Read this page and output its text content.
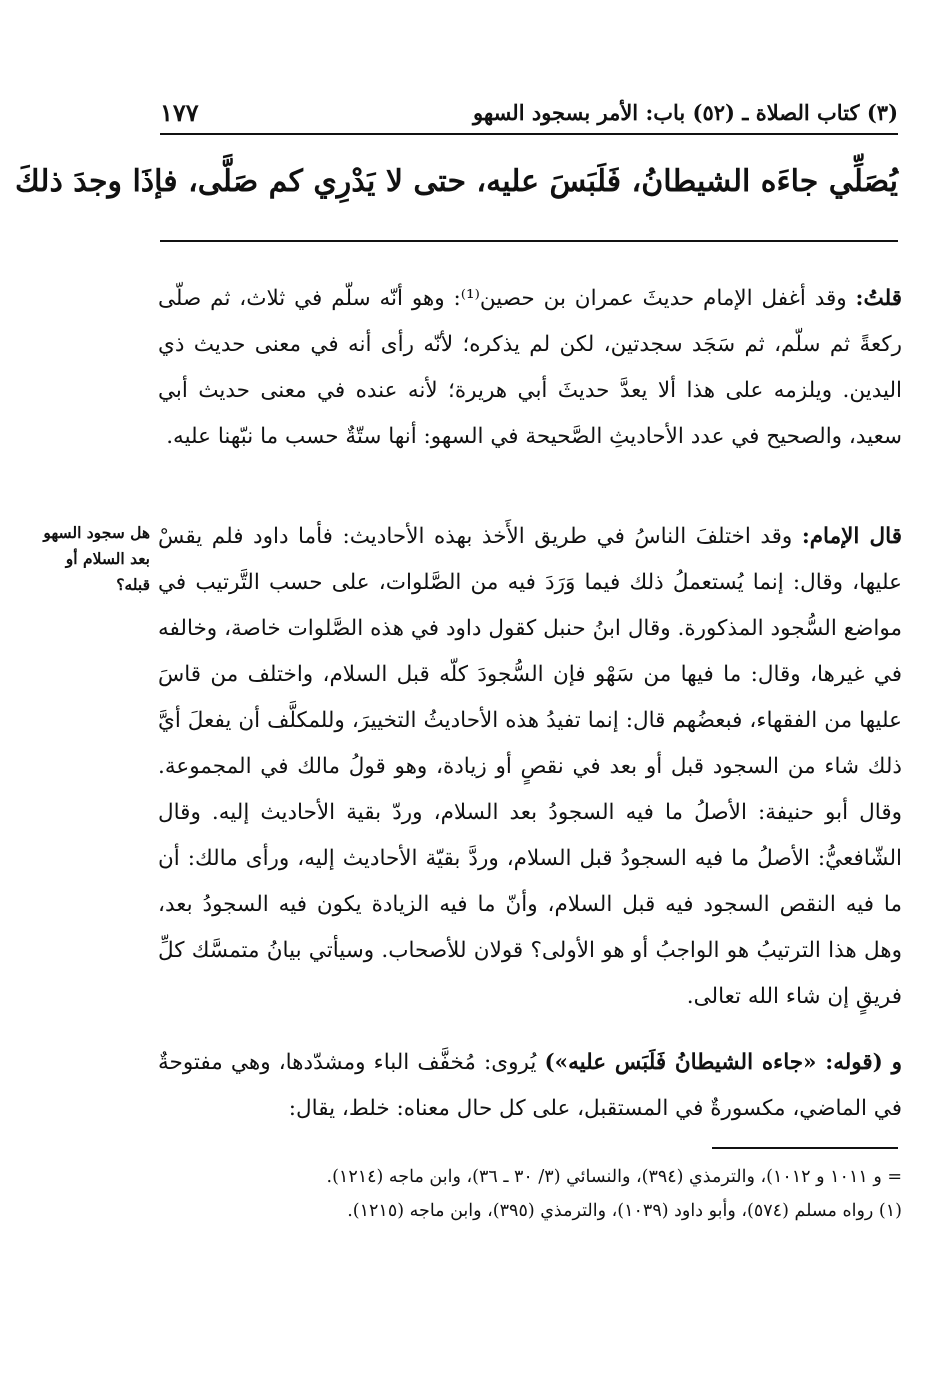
١٧٧	(٣) كتاب الصلاة ـ (٥٢) باب: الأمر بسجود السهو
يُصَلِّي جاءَه الشيطانُ، فَلَبَسَ عليه، حتى لا يَدْرِي كم صَلَّى، فإذَا وجدَ ذلكَ
قلتُ: وقد أغفل الإمام حديثَ عمران بن حصين⁽¹⁾: وهو أنّه سلّم في ثلاث، ثم صلّى ركعةً ثم سلّم، ثم سَجَد سجدتين، لكن لم يذكره؛ لأنّه رأى أنه في معنى حديث ذي اليدين. ويلزمه على هذا ألا يعدَّ حديثَ أبي هريرة؛ لأنه عنده في معنى حديث أبي سعيد، والصحيح في عدد الأحاديثِ الصَّحيحة في السهو: أنها ستّةٌ حسب ما نبّهنا عليه.
هل سجود السهو بعد السلام أو قبله؟
قال الإمام: وقد اختلفَ الناسُ في طريق الأَخذ بهذه الأحاديث: فأما داود فلم يقسْ عليها، وقال: إنما يُستعملُ ذلك فيما وَرَدَ فيه من الصَّلوات، على حسب التَّرتيب في مواضع السُّجود المذكورة. وقال ابنُ حنبل كقول داود في هذه الصَّلوات خاصة، وخالفه في غيرها، وقال: ما فيها من سَهْو فإن السُّجودَ كلّه قبل السلام، واختلف من قاسَ عليها من الفقهاء، فبعضُهم قال: إنما تفيدُ هذه الأحاديثُ التخييرَ، وللمكلَّف أن يفعلَ أيَّ ذلك شاء من السجود قبل أو بعد في نقصٍ أو زيادة، وهو قولُ مالك في المجموعة. وقال أبو حنيفة: الأصلُ ما فيه السجودُ بعد السلام، وردّ بقية الأحاديث إليه. وقال الشّافعيُّ: الأصلُ ما فيه السجودُ قبل السلام، وردَّ بقيّة الأحاديث إليه، ورأى مالك: أن ما فيه النقص السجود فيه قبل السلام، وأنّ ما فيه الزيادة يكون فيه السجودُ بعد، وهل هذا الترتيبُ هو الواجبُ أو هو الأولى؟ قولان للأصحاب. وسيأتي بيانُ متمسَّك كلِّ فريقٍ إن شاء الله تعالى.
و (قوله: «جاءه الشيطانُ فَلَبَس عليه») يُروى: مُخفَّف الباء ومشدّدها، وهي مفتوحةٌ في الماضي، مكسورةٌ في المستقبل، على كل حال معناه: خلط، يقال:

= و ١٠١١ و ١٠١٢)، والترمذي (٣٩٤)، والنسائي (٣/ ٣٠ ـ ٣٦)، وابن ماجه (١٢١٤).

(١) رواه مسلم (٥٧٤)، وأبو داود (١٠٣٩)، والترمذي (٣٩٥)، وابن ماجه (١٢١٥).
